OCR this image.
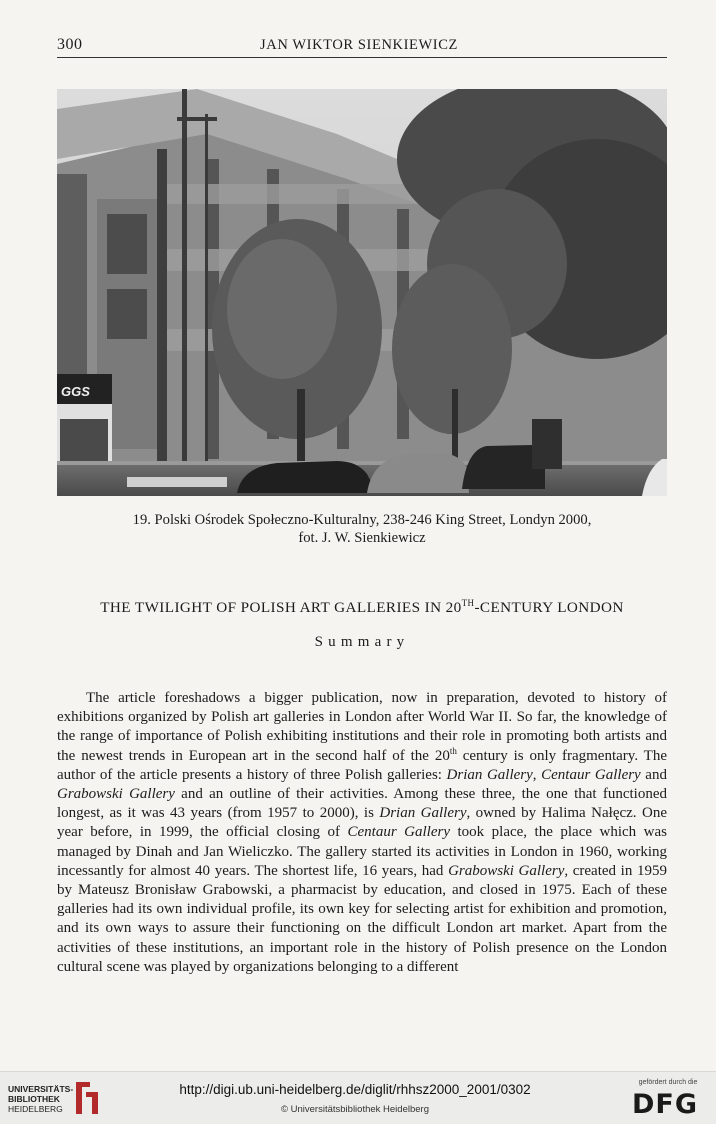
300	JAN WIKTOR SIENKIEWICZ
GGS
19. Polski Ośrodek Społeczno-Kulturalny, 238-246 King Street, Londyn 2000,
fot. J. W. Sienkiewicz
THE TWILIGHT OF POLISH ART GALLERIES IN 20TH-CENTURY LONDON
Summary

The article foreshadows a bigger publication, now in preparation, devoted to history of exhibitions organized by Polish art galleries in London after World War II. So far, the knowledge of the range of importance of Polish exhibiting institutions and their role in promoting both artists and the newest trends in European art in the second half of the 20th century is only fragmentary. The author of the article presents a history of three Polish galleries: Drian Gallery, Centaur Gallery and Grabowski Gallery and an outline of their activities. Among these three, the one that functioned longest, as it was 43 years (from 1957 to 2000), is Drian Gallery, owned by Halima Nałęcz. One year before, in 1999, the official closing of Centaur Gallery took place, the place which was managed by Dinah and Jan Wieliczko. The gallery started its activities in London in 1960, working incessantly for almost 40 years. The shortest life, 16 years, had Grabowski Gallery, created in 1959 by Mateusz Bronisław Grabowski, a pharmacist by education, and closed in 1975. Each of these galleries had its own individual profile, its own key for selecting artist for exhibition and promotion, and its own ways to assure their functioning on the difficult London art market. Apart from the activities of these institutions, an important role in the history of Polish presence on the London cultural scene was played by organizations belonging to a different

UNIVERSITÄTS-
BIBLIOTHEK
HEIDELBERG
http://digi.ub.uni-heidelberg.de/diglit/rhhsz2000_2001/0302
© Universitätsbibliothek Heidelberg
gefördert durch die
DFG
